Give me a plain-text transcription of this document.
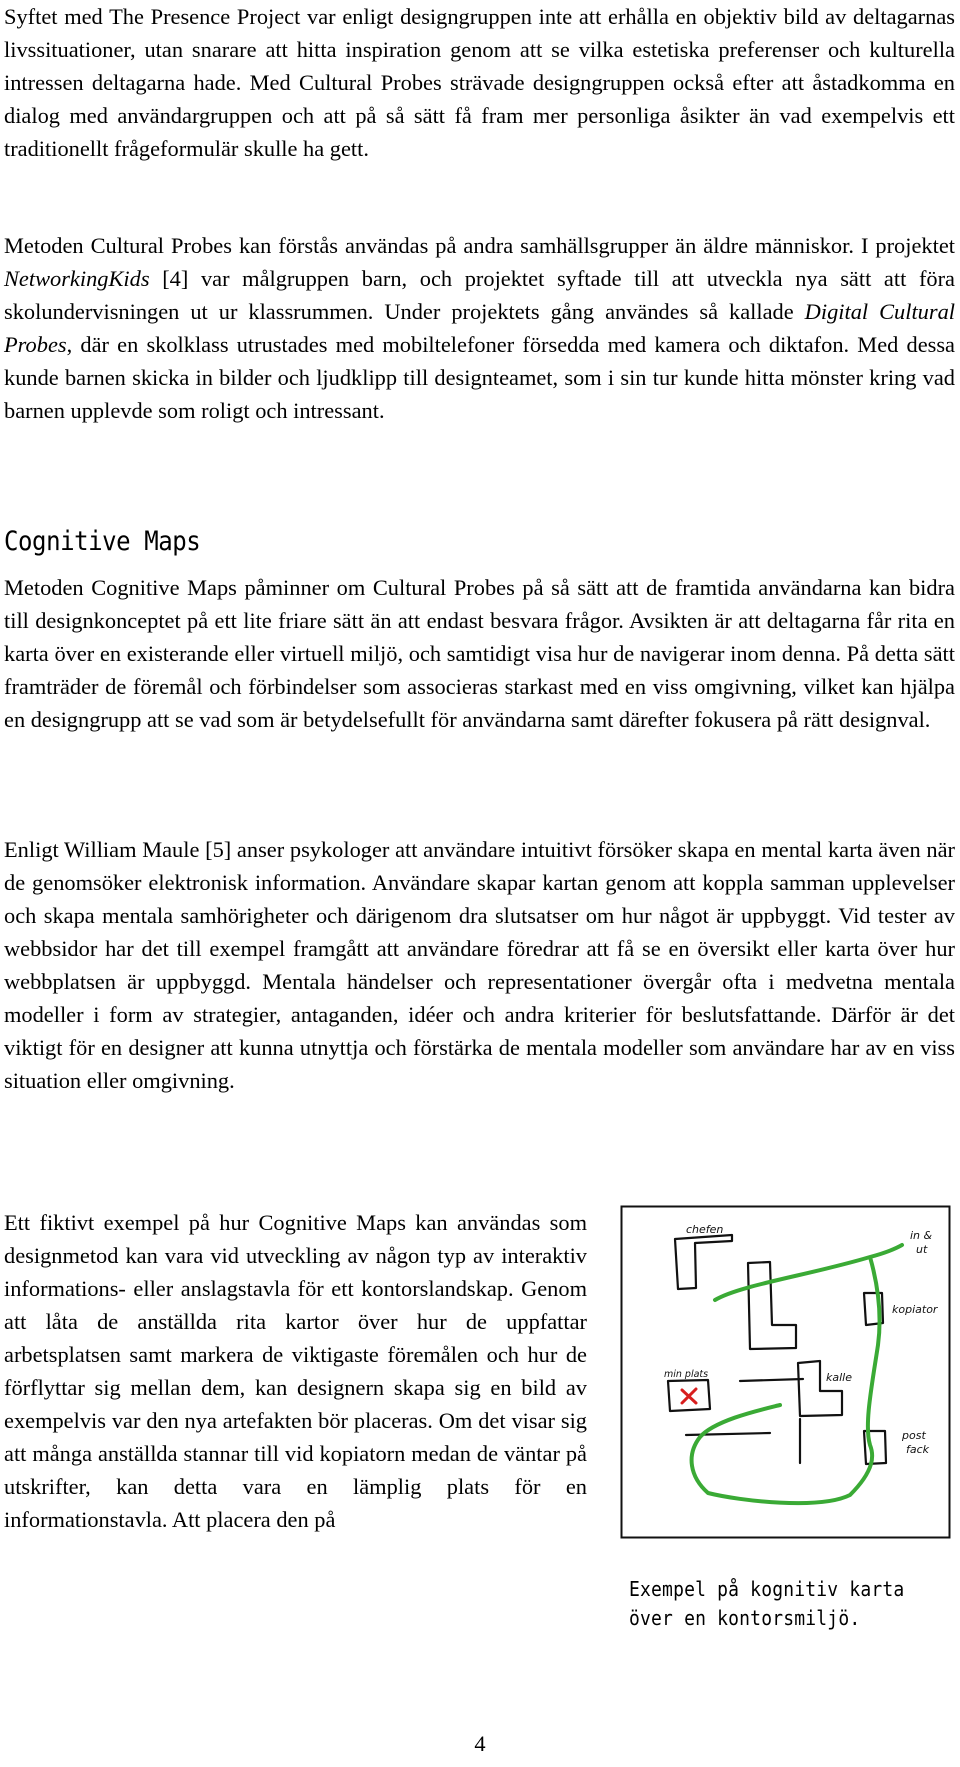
Syftet med The Presence Project var enligt designgruppen inte att erhålla en objektiv bild av deltagarnas livssituationer, utan snarare att hitta inspiration genom att se vilka estetiska preferenser och kulturella intressen deltagarna hade. Med Cultural Probes strävade designgruppen också efter att åstadkomma en dialog med användargruppen och att på så sätt få fram mer personliga åsikter än vad exempelvis ett traditionellt frågeformulär skulle ha gett.

Metoden Cultural Probes kan förstås användas på andra samhällsgrupper än äldre människor. I projektet NetworkingKids [4] var målgruppen barn, och projektet syftade till att utveckla nya sätt att föra skolundervisningen ut ur klassrummen. Under projektets gång användes så kallade Digital Cultural Probes, där en skolklass utrustades med mobiltelefoner försedda med kamera och diktafon. Med dessa kunde barnen skicka in bilder och ljudklipp till designteamet, som i sin tur kunde hitta mönster kring vad barnen upplevde som roligt och intressant.

Cognitive Maps

Metoden Cognitive Maps påminner om Cultural Probes på så sätt att de framtida användarna kan bidra till designkonceptet på ett lite friare sätt än att endast besvara frågor. Avsikten är att deltagarna får rita en karta över en existerande eller virtuell miljö, och samtidigt visa hur de navigerar inom denna. På detta sätt framträder de föremål och förbindelser som associeras starkast med en viss omgivning, vilket kan hjälpa en designgrupp att se vad som är betydelsefullt för användarna samt därefter fokusera på rätt designval.

Enligt William Maule [5] anser psykologer att användare intuitivt försöker skapa en mental karta även när de genomsöker elektronisk information. Användare skapar kartan genom att koppla samman upplevelser och skapa mentala samhörigheter och därigenom dra slutsatser om hur något är uppbyggt. Vid tester av webbsidor har det till exempel framgått att användare föredrar att få se en översikt eller karta över hur webbplatsen är uppbyggd. Mentala händelser och representationer övergår ofta i medvetna mentala modeller i form av strategier, antaganden, idéer och andra kriterier för beslutsfattande. Därför är det viktigt för en designer att kunna utnyttja och förstärka de mentala modeller som användare har av en viss situation eller omgivning.

Ett fiktivt exempel på hur Cognitive Maps kan användas som designmetod kan vara vid utveckling av någon typ av interaktiv informations- eller anslagstavla för ett kontorslandskap. Genom att låta de anställda rita kartor över hur de uppfattar arbetsplatsen samt markera de viktigaste föremålen och hur de förflyttar sig mellan dem, kan designern skapa sig en bild av exempelvis var den nya artefakten bör placeras. Om det visar sig att många anställda stannar till vid kopiatorn medan de väntar på utskrifter, kan detta vara en lämplig plats för en informationstavla. Att placera den på

chefen	in &
ut
kopiator
min plats	kalle
post
fack

Exempel på kognitiv karta över en kontorsmiljö.

4
